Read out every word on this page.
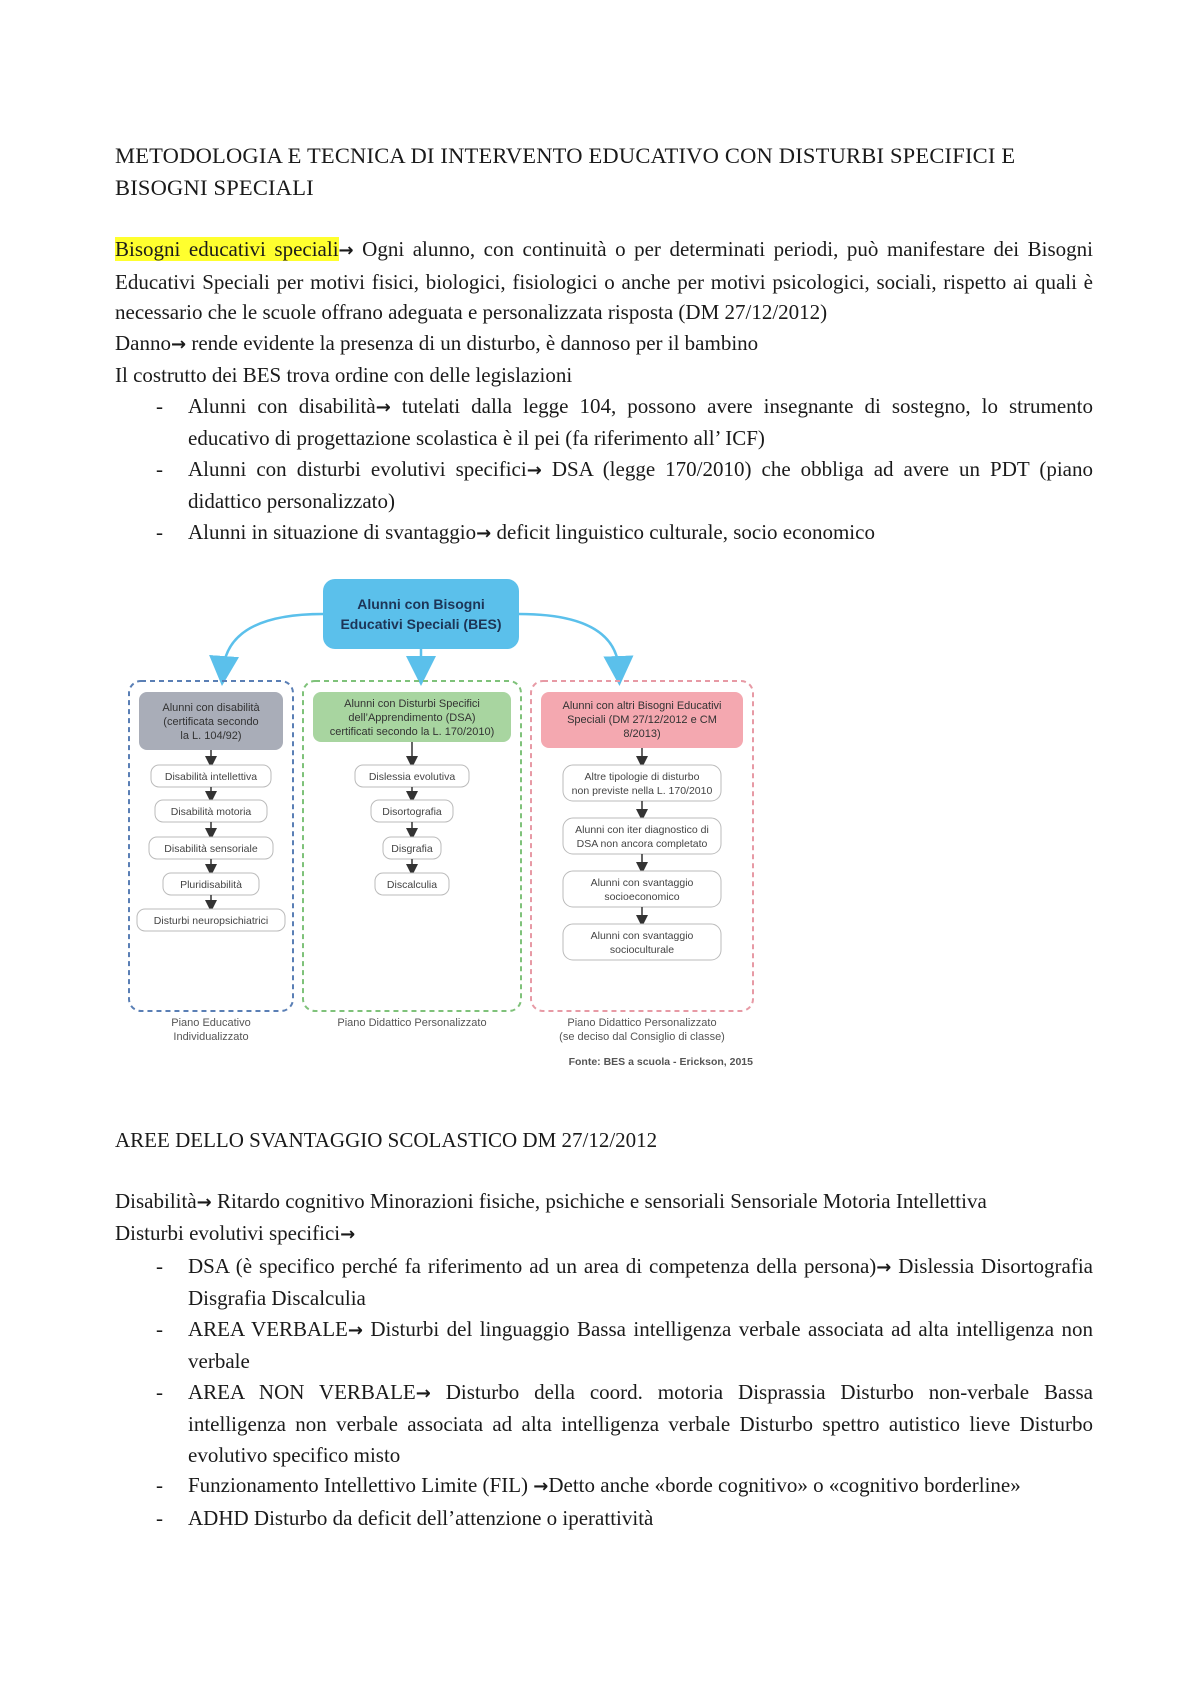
METODOLOGIA E TECNICA DI INTERVENTO EDUCATIVO CON DISTURBI SPECIFICI E BISOGNI SPECIALI

Bisogni educativi speciali→ Ogni alunno, con continuità o per determinati periodi, può manifestare dei Bisogni Educativi Speciali per motivi fisici, biologici, fisiologici o anche per motivi psicologici, sociali, rispetto ai quali è necessario che le scuole offrano adeguata e personalizzata risposta (DM 27/12/2012)

Danno→ rende evidente la presenza di un disturbo, è dannoso per il bambino

Il costrutto dei BES trova ordine con delle legislazioni

- Alunni con disabilità→ tutelati dalla legge 104, possono avere insegnante di sostegno, lo strumento educativo di progettazione scolastica è il pei (fa riferimento all’ ICF)
- Alunni con disturbi evolutivi specifici→ DSA (legge 170/2010) che obbliga ad avere un PDT (piano didattico personalizzato)
- Alunni in situazione di svantaggio→ deficit linguistico culturale, socio economico
Alunni con Bisogni
Educativi Speciali (BES)
Alunni con disabilità
(certificata secondo
la L. 104/92)
Disabilità intellettiva
Disabilità motoria
Disabilità sensoriale
Pluridisabilità
Disturbi neuropsichiatrici
Piano Educativo
Individualizzato
Alunni con Disturbi Specifici
dell’Apprendimento (DSA)
certificati secondo la L. 170/2010)
Dislessia evolutiva
Disortografia
Disgrafia
Discalculia
Piano Didattico Personalizzato
Alunni con altri Bisogni Educativi
Speciali (DM 27/12/2012 e CM
8/2013)
Altre tipologie di disturbo
non previste nella L. 170/2010
Alunni con iter diagnostico di
DSA non ancora completato
Alunni con svantaggio
socioeconomico
Alunni con svantaggio
socioculturale
Piano Didattico Personalizzato
(se deciso dal Consiglio di classe)
Fonte: BES a scuola - Erickson, 2015

AREE DELLO SVANTAGGIO SCOLASTICO DM 27/12/2012

Disabilità→ Ritardo cognitivo Minorazioni fisiche, psichiche e sensoriali Sensoriale Motoria Intellettiva

Disturbi evolutivi specifici→

- DSA (è specifico perché fa riferimento ad un area di competenza della persona)→ Dislessia Disortografia Disgrafia Discalculia
- AREA VERBALE→ Disturbi del linguaggio Bassa intelligenza verbale associata ad alta intelligenza non verbale
- AREA NON VERBALE→ Disturbo della coord. motoria Disprassia Disturbo non-verbale Bassa intelligenza non verbale associata ad alta intelligenza verbale Disturbo spettro autistico lieve Disturbo evolutivo specifico misto
- Funzionamento Intellettivo Limite (FIL) →Detto anche «borde cognitivo» o «cognitivo borderline»
- ADHD Disturbo da deficit dell’attenzione o iperattività
